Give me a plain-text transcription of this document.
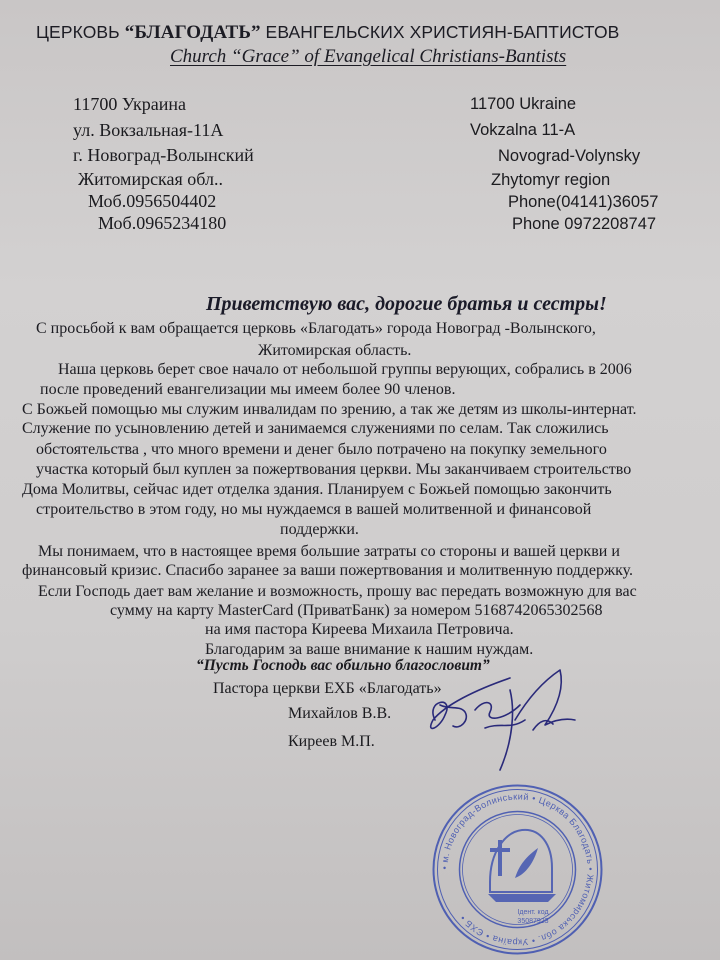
ЦЕРКОВЬ “БЛАГОДАТЬ” ЕВАНГЕЛЬСКИХ ХРИСТИЯН-БАПТИСТОВ
Church “Grace” of Evangelical Christians-Bantists
11700 Украина
ул. Вокзальная-11А
г. Новоград-Волынский
Житомирская обл..
Моб.0956504402
Моб.0965234180
11700 Ukraine
Vokzalna 11-A
Novograd-Volynsky
Zhytomyr region
Phone(04141)36057
Phone 0972208747
Приветствую вас, дорогие братья и сестры!
С просьбой к вам обращается церковь «Благодать» города Новоград -Волынского,
Житомирская область.
Наша церковь берет свое начало от небольшой группы верующих, собрались в 2006
после проведений евангелизации мы имеем более 90 членов.
С Божьей помощью мы служим инвалидам по зрению, а так же детям из школы-интернат.
Служение по усыновлению детей и занимаемся служениями по селам. Так сложились
обстоятельства , что много времени и денег было потрачено на покупку земельного
участка который был куплен за пожертвования церкви. Мы заканчиваем строительство
Дома Молитвы, сейчас идет отделка здания. Планируем с Божьей помощью закончить
строительство в этом году, но мы нуждаемся в вашей молитвенной и финансовой
поддержки.
Мы понимаем, что в настоящее время большие затраты со стороны и вашей церкви и
финансовый кризис. Спасибо заранее за ваши пожертвования и молитвенную поддержку.
Если Господь дает вам желание и возможность, прошу вас передать возможную для вас
сумму на карту MasterCard (ПриватБанк) за номером 5168742065302568
на имя пастора Киреева Михаила Петровича.
Благодарим за ваше внимание к нашим нуждам.
“Пусть Господь вас обильно благословит”
Пастора церкви ЕХБ «Благодать»
Михайлов В.В.
Киреев М.П.
• м. Новоград-Волинський • Церква Благодать • Житомирська обл. • Україна • ЄХБ •
Ідент. код
35087923
